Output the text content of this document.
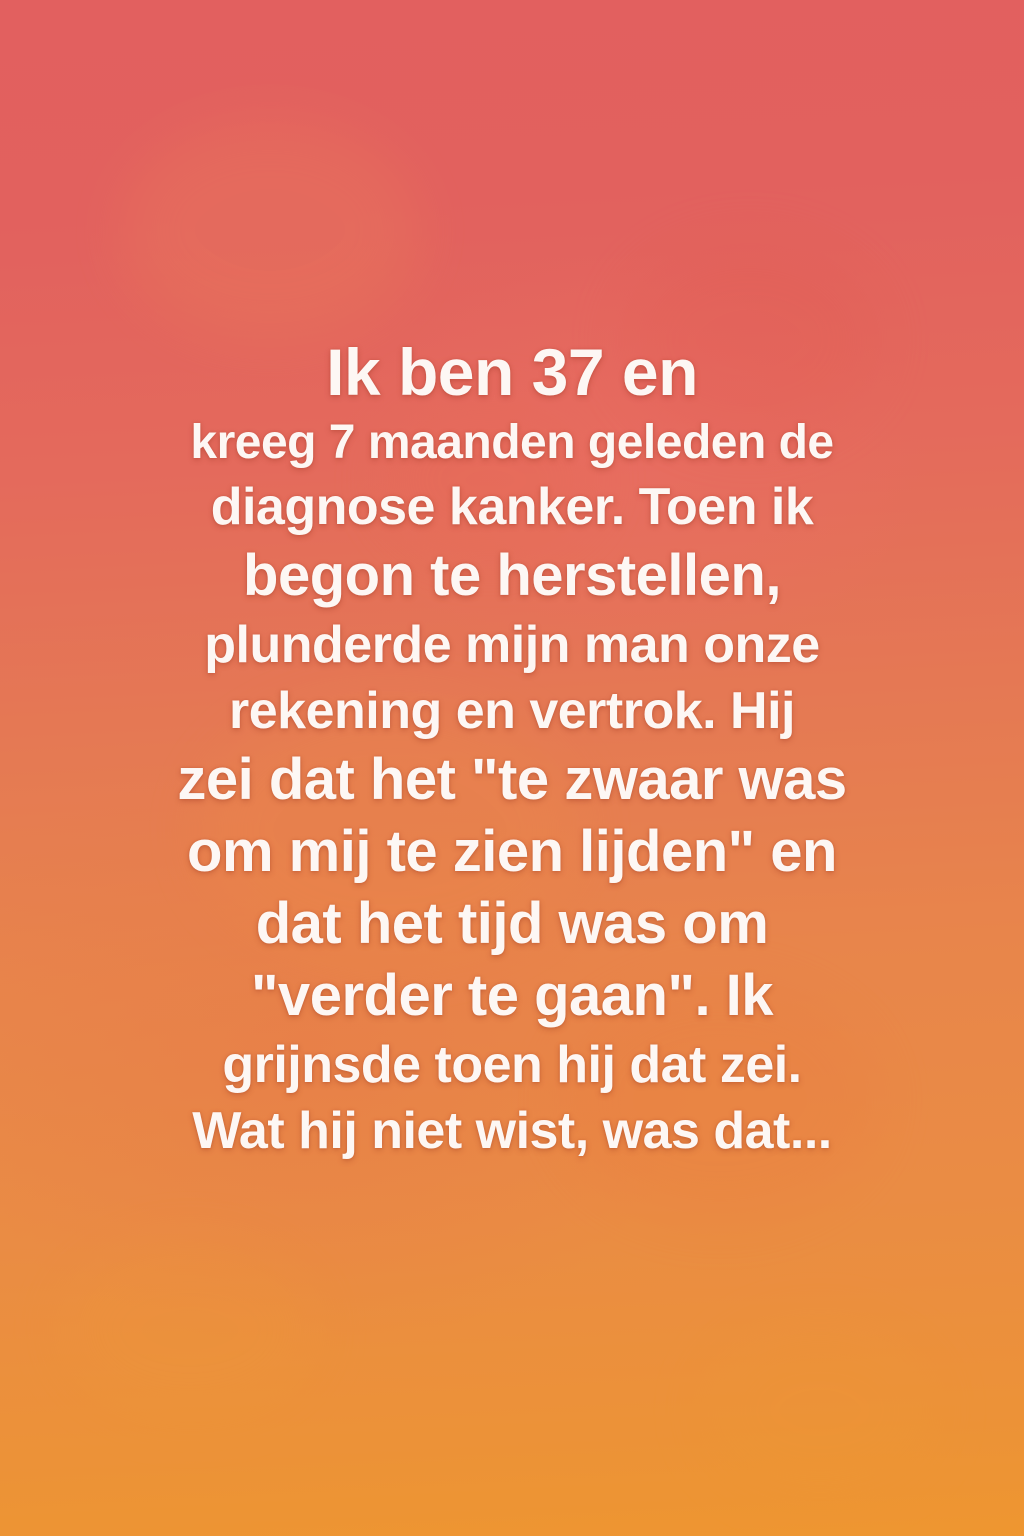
Ik ben 37 en

kreeg 7 maanden geleden de

diagnose kanker. Toen ik

begon te herstellen,

plunderde mijn man onze

rekening en vertrok. Hij

zei dat het "te zwaar was

om mij te zien lijden" en

dat het tijd was om

"verder te gaan". Ik

grijnsde toen hij dat zei.

Wat hij niet wist, was dat...
